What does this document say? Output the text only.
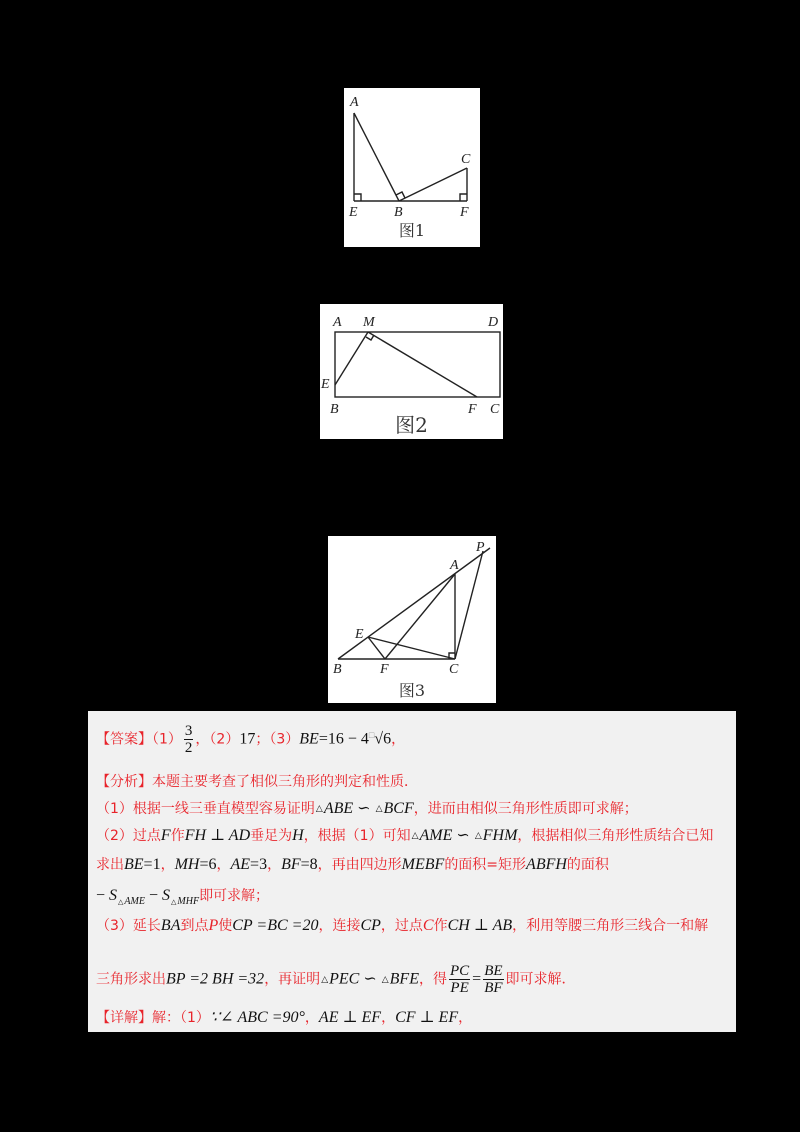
A
C
E	B	F
图1
A M	D
E
B	F C
图2
P
A
E
B	F	C
图3
【答案】$(1) \frac{3}{2}$ ，（2）17；（3）BE=16 − 4□√6，
【分析】本题主要考查了相似三角形的判定和性质．
（1）根据一线三垂直模型容易证明△ABE ∽ △BCF，进而由相似三角形性质即可求解；
（2）过点F作FH ⊥ AD垂足为H，根据（1）可知△AME ∽ △FHM，根据相似三角形性质结合已知
求出BE=1，MH=6，AE=3，BF=8，再由四边形MEBF的面积=矩形ABFH的面积
− $S_{\triangle AME} - S_{\triangle MHF}$即可求解；
（3）延长BA到点P使CP =BC =20，连接CP，过点C作CH ⊥ AB，利用等腰三角形三线合一和解
三角形求出BP =2 BH =32，再证明△PEC ∽ △BFE，得 $\frac{PC}{PE} = \frac{BE}{BF}$ 即可求解．
【详解】解：（1）∵∠ ABC =90°，AE ⊥ EF，CF ⊥ EF，
